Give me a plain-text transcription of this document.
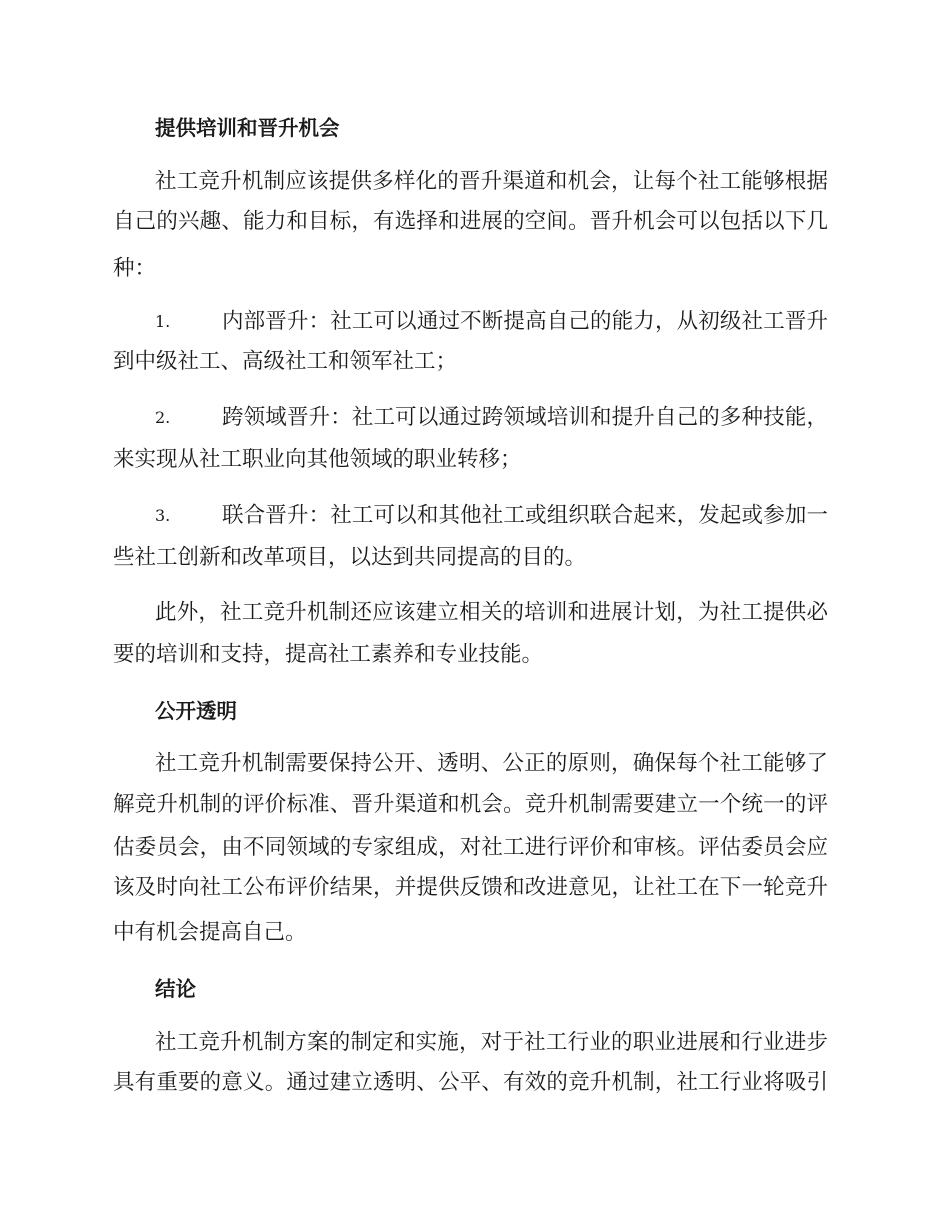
提供培训和晋升机会

社工竞升机制应该提供多样化的晋升渠道和机会，让每个社工能够根据

自己的兴趣、能力和目标，有选择和进展的空间。晋升机会可以包括以下几

种：

1. 内部晋升：社工可以通过不断提高自己的能力，从初级社工晋升

到中级社工、高级社工和领军社工；

2. 跨领域晋升：社工可以通过跨领域培训和提升自己的多种技能，

来实现从社工职业向其他领域的职业转移；

3. 联合晋升：社工可以和其他社工或组织联合起来，发起或参加一

些社工创新和改革项目，以达到共同提高的目的。

此外，社工竞升机制还应该建立相关的培训和进展计划，为社工提供必

要的培训和支持，提高社工素养和专业技能。

公开透明

社工竞升机制需要保持公开、透明、公正的原则，确保每个社工能够了

解竞升机制的评价标准、晋升渠道和机会。竞升机制需要建立一个统一的评

估委员会，由不同领域的专家组成，对社工进行评价和审核。评估委员会应

该及时向社工公布评价结果，并提供反馈和改进意见，让社工在下一轮竞升

中有机会提高自己。

结论

社工竞升机制方案的制定和实施，对于社工行业的职业进展和行业进步

具有重要的意义。通过建立透明、公平、有效的竞升机制，社工行业将吸引
